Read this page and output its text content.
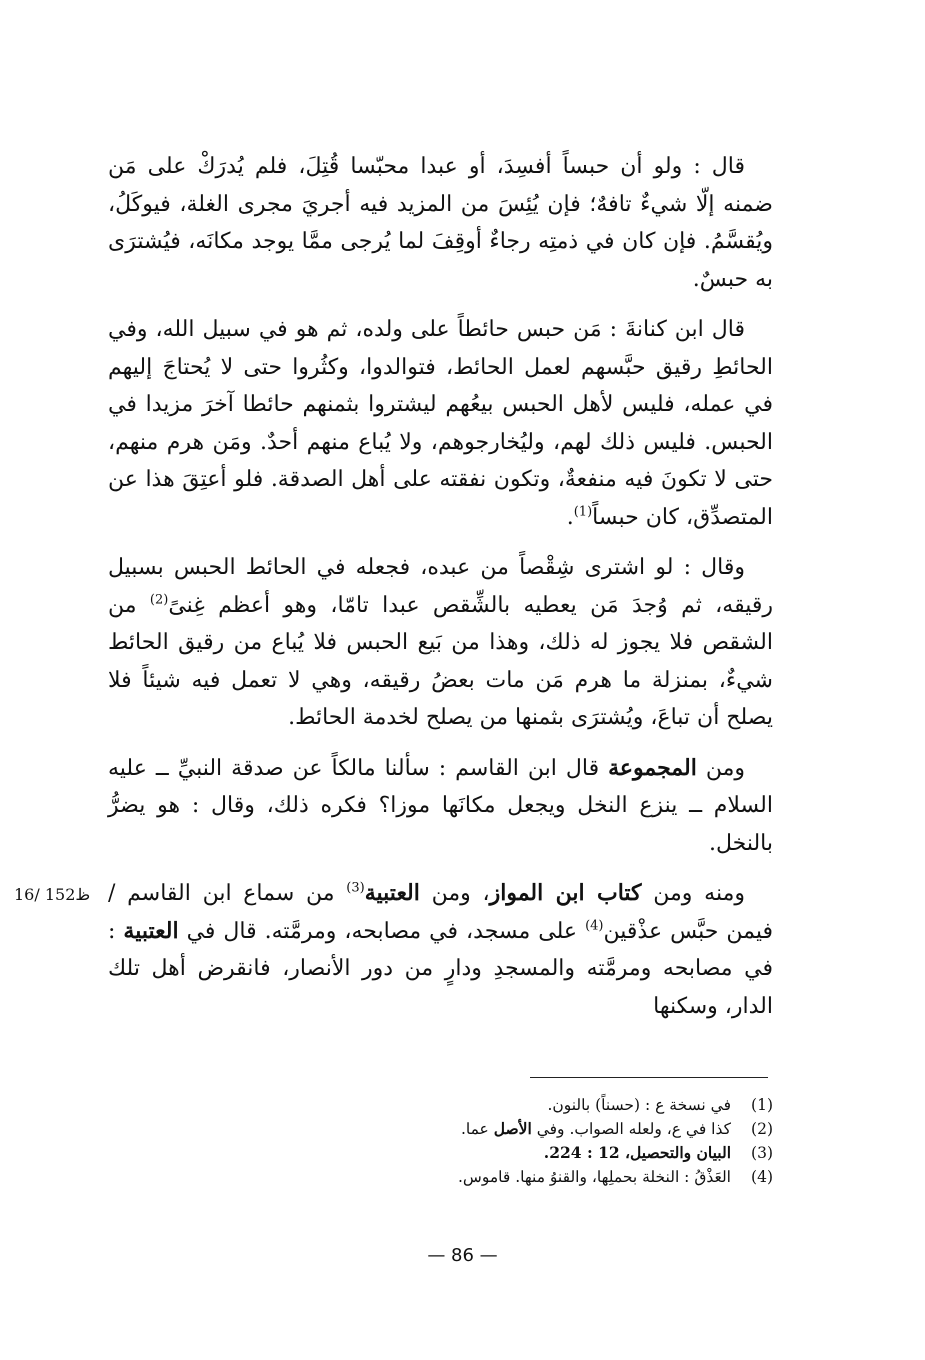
قال : ولو أن حبساً أفسِدَ، أو عبدا محبّسا قُتِلَ، فلم يُدرَكْ على مَن ضمنه إلّا شيءٌ تافهٌ؛ فإن يُئِسَ من المزيد فيه أجريَ مجرى الغلة، فيوكَلُ، ويُقسَّمُ. فإن كان في ذمتِه رجاءٌ أوقِفَ لما يُرجى ممَّا يوجد مكانَه، فيُشترَى به حبسٌ.

قال ابن كنانةَ : مَن حبس حائطاً على ولده، ثم هو في سبيل الله، وفي الحائطِ رقيق حبَّسهم لعمل الحائط، فتوالدوا، وكثُروا حتى لا يُحتاجَ إليهم في عمله، فليس لأهل الحبس بيعُهم ليشتروا بثمنهم حائطا آخرَ مزيدا في الحبس. فليس ذلك لهم، وليُخارجوهم، ولا يُباع منهم أحدٌ. ومَن هرم منهم، حتى لا تكونَ فيه منفعةٌ، وتكون نفقته على أهل الصدقة. فلو أعتِقَ هذا عن المتصدِّق، كان حبساً$^{(1)}$.

وقال : لو اشترى شِقْصاً من عبده، فجعله في الحائط الحبس بسبيل رقيقه، ثم وُجدَ مَن يعطيه بالشِّقص عبدا تامّا، وهو أعظم غِنىً$^{(2)}$ من الشقص فلا يجوز له ذلك، وهذا من بَيع الحبس فلا يُباع من رقيق الحائط شيءٌ، بمنزلة ما هرم مَن مات بعضُ رقيقه، وهي لا تعمل فيه شيئاً فلا يصلح أن تباعَ، ويُشترَى بثمنها من يصلح لخدمة الحائط.

ومن المجموعة قال ابن القاسم : سألنا مالكاً عن صدقة النبيِّ ــ عليه السلام ــ ينزع النخل ويجعل مكانَها موزا؟ فكره ذلك، وقال : هو يضرُّ بالنخل.

ومنه ومن كتاب ابن المواز، ومن العتبية$^{(3)}$ من سماع ابن القاسم / فيمن حبَّس عذْقين$^{(4)}$ على مسجد، في مصابحه، ومرمَّته. قال في العتبية : في مصابحه ومرمَّته والمسجدِ ودارٍ من دور الأنصار، فانقرض أهل تلك الدار، وسكنها

16/ 152ظ
(1)
في نسخة ع : (حسناً) بالنون.
(2)
كذا في ع، ولعله الصواب. وفي الأصل عما.
(3)
البيان والتحصيل، 12 : 224.
(4)
العَذْقُ : النخلة بحملِها، والقنوُ منها. قاموس.
— 86 —
